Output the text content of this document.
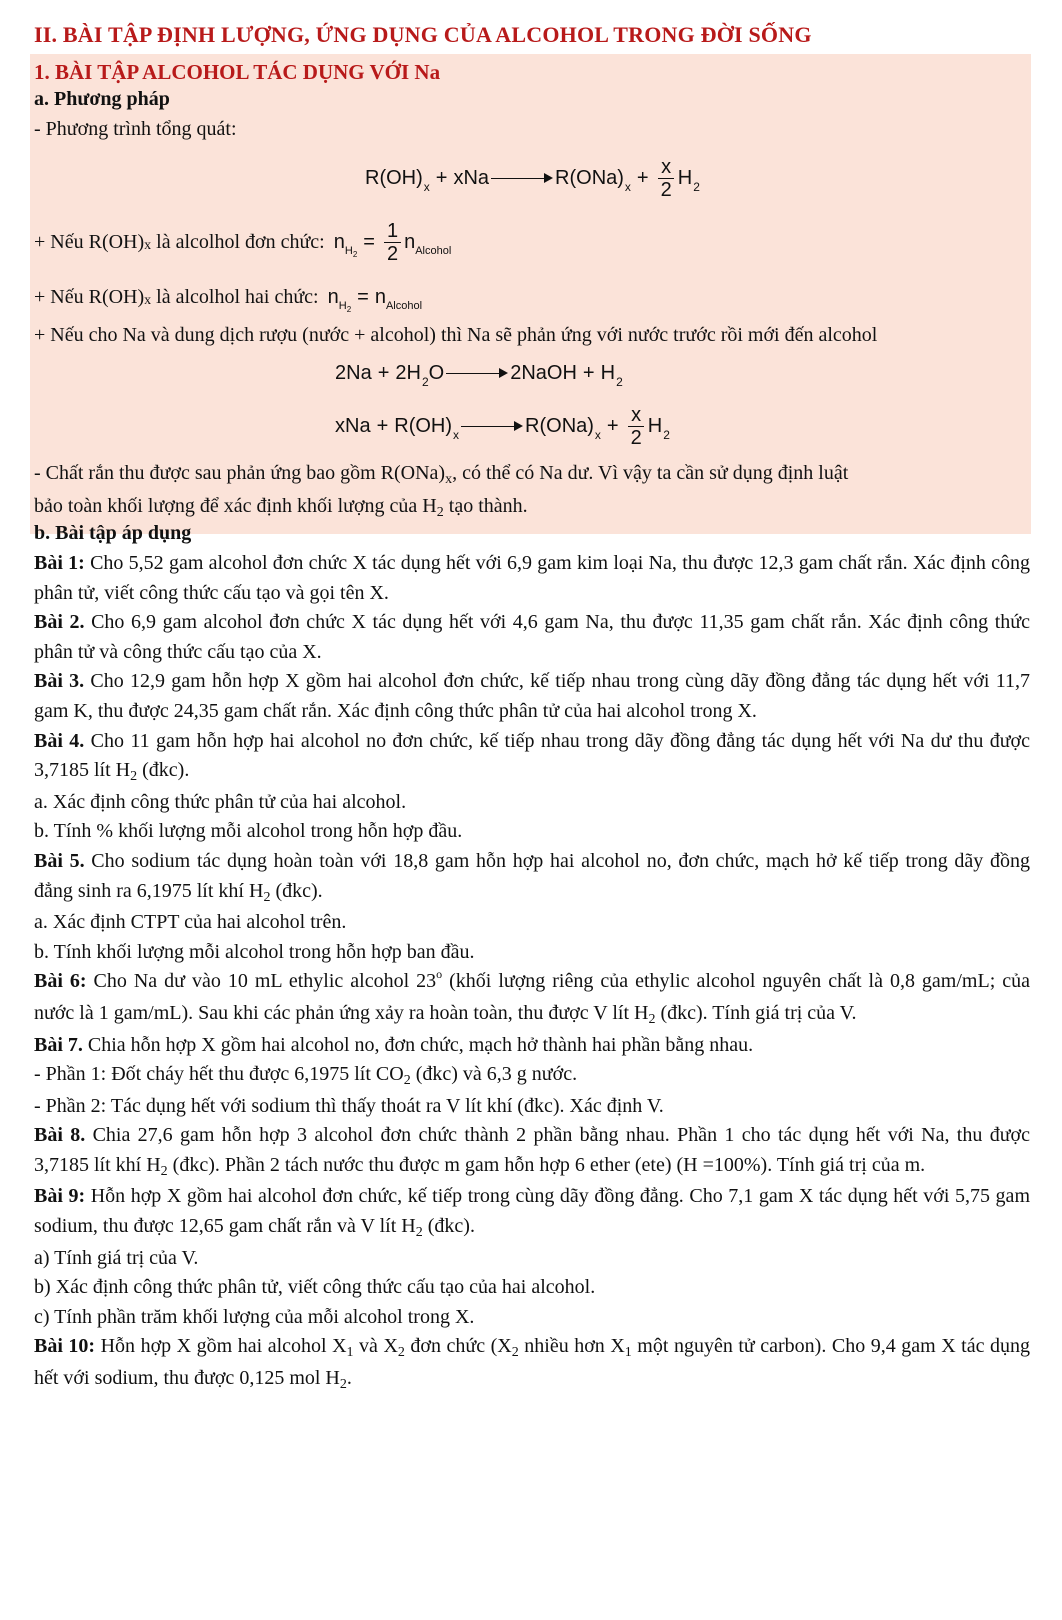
II. BÀI TẬP ĐỊNH LƯỢNG, ỨNG DỤNG CỦA ALCOHOL TRONG ĐỜI SỐNG
1. BÀI TẬP ALCOHOL TÁC DỤNG VỚI Na
a. Phương pháp
- Phương trình tổng quát:
R(OH) x + xNa	R(ONa) $x + \frac{x}{2}$ H 2
+ Nếu R(OH) x là alcolhol đơn chức: n $H_2$
= $\frac{1}{2}$ n Alcohol
+ Nếu R(OH) x là alcolhol hai chức: n $H_2$
= n Alcohol
+ Nếu cho Na và dung dịch rượu (nước + alcohol) thì Na sẽ phản ứng với nước trước rồi mới đến alcohol
2Na + 2H 2 O	2NaOH + H 2
xNa + R(OH) x	R(ONa) $x + \frac{x}{2}$ H 2

- Chất rắn thu được sau phản ứng bao gồm $R(ONa)_x$, có thể có Na dư. Vì vậy ta cần sử dụng định luật

bảo toàn khối lượng để xác định khối lượng của $H_2$ tạo thành.

b. Bài tập áp dụng

Bài 1: Cho 5,52 gam alcohol đơn chức X tác dụng hết với 6,9 gam kim loại Na, thu được 12,3 gam chất rắn. Xác định công phân tử, viết công thức cấu tạo và gọi tên X.

Bài 2. Cho 6,9 gam alcohol đơn chức X tác dụng hết với 4,6 gam Na, thu được 11,35 gam chất rắn. Xác định công thức phân tử và công thức cấu tạo của X.

Bài 3. Cho 12,9 gam hỗn hợp X gồm hai alcohol đơn chức, kế tiếp nhau trong cùng dãy đồng đẳng tác dụng hết với 11,7 gam K, thu được 24,35 gam chất rắn. Xác định công thức phân tử của hai alcohol trong X.

Bài 4. Cho 11 gam hỗn hợp hai alcohol no đơn chức, kế tiếp nhau trong dãy đồng đẳng tác dụng hết với Na dư thu được 3,7185 lít $H_2$ (đkc).

a. Xác định công thức phân tử của hai alcohol.

b. Tính % khối lượng mỗi alcohol trong hỗn hợp đầu.

Bài 5. Cho sodium tác dụng hoàn toàn với 18,8 gam hỗn hợp hai alcohol no, đơn chức, mạch hở kế tiếp trong dãy đồng đẳng sinh ra 6,1975 lít khí $H_2$ (đkc).

a. Xác định CTPT của hai alcohol trên.

b. Tính khối lượng mỗi alcohol trong hỗn hợp ban đầu.

Bài 6: Cho Na dư vào 10 mL ethylic alcohol 23$^o$ (khối lượng riêng của ethylic alcohol nguyên chất là 0,8 gam/mL; của nước là 1 gam/mL). Sau khi các phản ứng xảy ra hoàn toàn, thu được V lít $H_2$ (đkc). Tính giá trị của V.

Bài 7. Chia hỗn hợp X gồm hai alcohol no, đơn chức, mạch hở thành hai phần bằng nhau.

- Phần 1: Đốt cháy hết thu được 6,1975 lít $CO_2$ (đkc) và 6,3 g nước.

- Phần 2: Tác dụng hết với sodium thì thấy thoát ra V lít khí (đkc). Xác định V.

Bài 8. Chia 27,6 gam hỗn hợp 3 alcohol đơn chức thành 2 phần bằng nhau. Phần 1 cho tác dụng hết với Na, thu được 3,7185 lít khí $H_2$ (đkc). Phần 2 tách nước thu được m gam hỗn hợp 6 ether (ete) (H =100%). Tính giá trị của m.

Bài 9: Hỗn hợp X gồm hai alcohol đơn chức, kế tiếp trong cùng dãy đồng đẳng. Cho 7,1 gam X tác dụng hết với 5,75 gam sodium, thu được 12,65 gam chất rắn và V lít $H_2$ (đkc).

a) Tính giá trị của V.

b) Xác định công thức phân tử, viết công thức cấu tạo của hai alcohol.

c) Tính phần trăm khối lượng của mỗi alcohol trong X.

Bài 10: Hỗn hợp X gồm hai alcohol $X_1$ và $X_2$ đơn chức ($X_2$ nhiều hơn $X_1$ một nguyên tử carbon). Cho 9,4 gam X tác dụng hết với sodium, thu được 0,125 mol $H_2$.
